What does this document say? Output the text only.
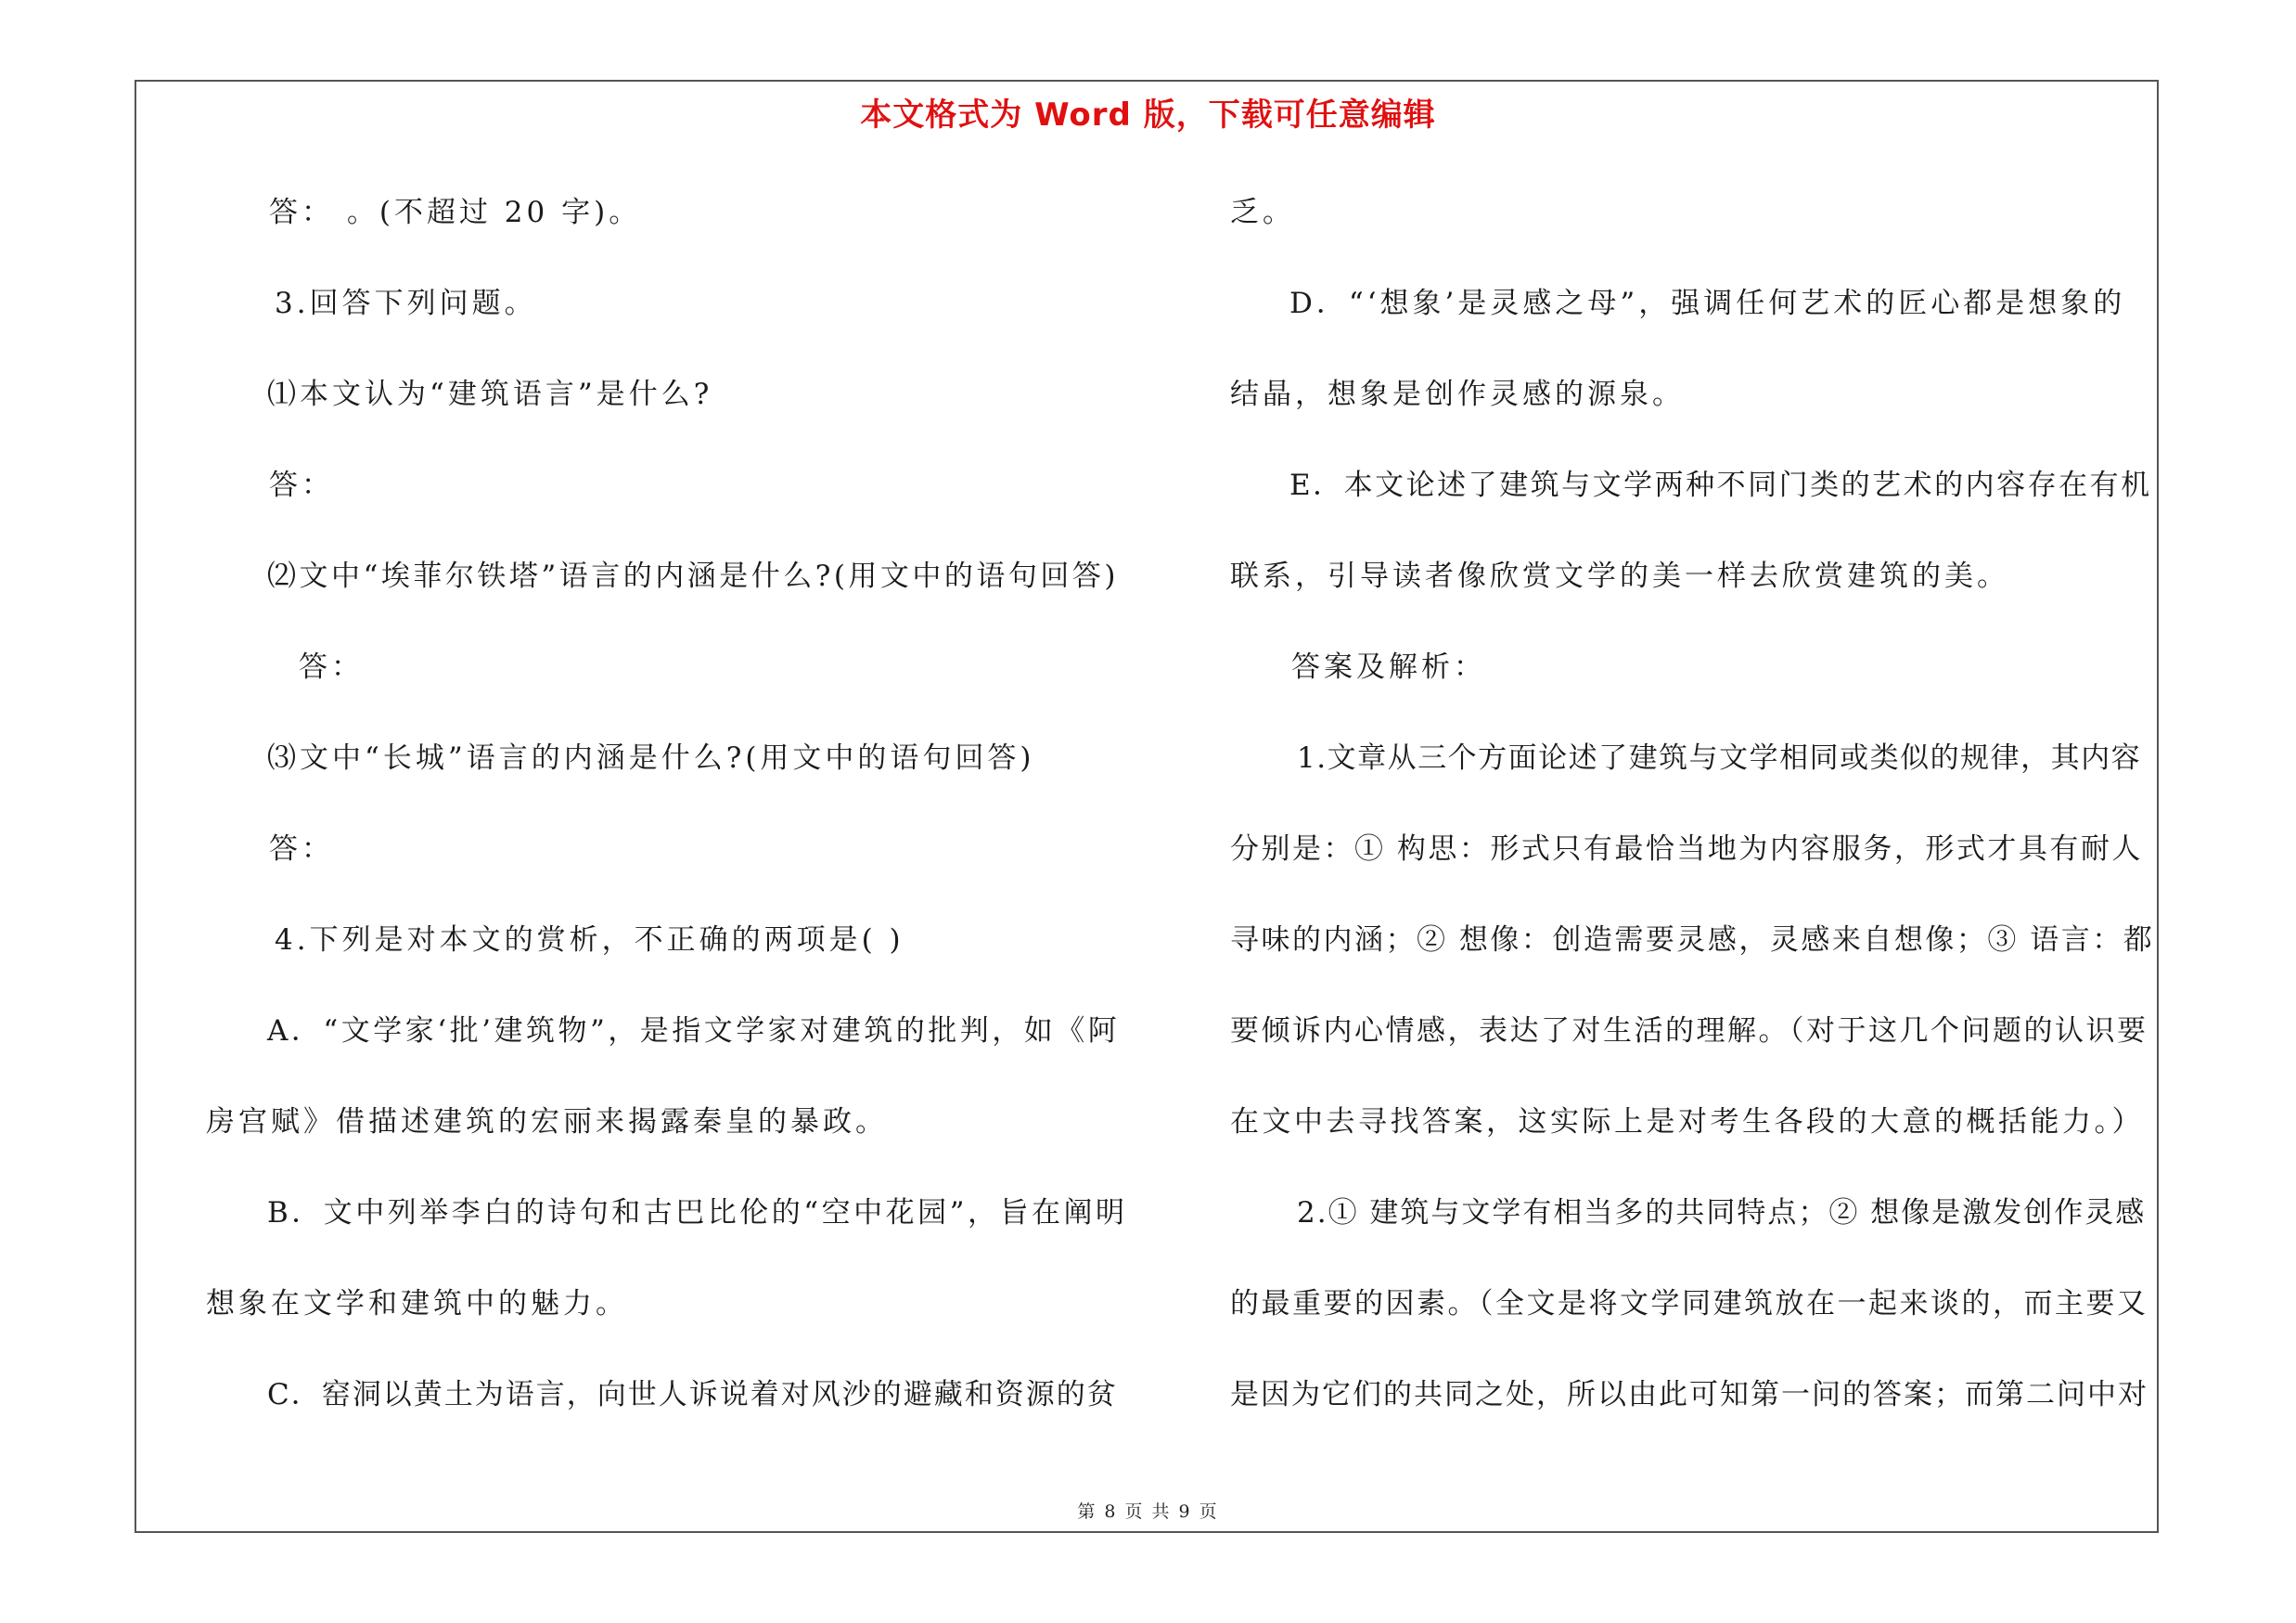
本文格式为 Word 版，下载可任意编辑
答： 。(不超过 20 字)。
3.回答下列问题。
⑴本文认为“建筑语言”是什么?
答：
⑵文中“埃菲尔铁塔”语言的内涵是什么?(用文中的语句回答)
答：
⑶文中“长城”语言的内涵是什么?(用文中的语句回答)
答：
4.下列是对本文的赏析，不正确的两项是( )
A．“文学家‘批’建筑物”，是指文学家对建筑的批判，如《阿
房宫赋》借描述建筑的宏丽来揭露秦皇的暴政。
B．文中列举李白的诗句和古巴比伦的“空中花园”，旨在阐明
想象在文学和建筑中的魅力。
C．窑洞以黄土为语言，向世人诉说着对风沙的避藏和资源的贫
乏。
D．“‘想象’是灵感之母”，强调任何艺术的匠心都是想象的
结晶，想象是创作灵感的源泉。
E．本文论述了建筑与文学两种不同门类的艺术的内容存在有机
联系，引导读者像欣赏文学的美一样去欣赏建筑的美。
答案及解析：
1.文章从三个方面论述了建筑与文学相同或类似的规律，其内容
分别是：① 构思：形式只有最恰当地为内容服务，形式才具有耐人
寻味的内涵；② 想像：创造需要灵感，灵感来自想像；③ 语言：都
要倾诉内心情感，表达了对生活的理解。（对于这几个问题的认识要
在文中去寻找答案，这实际上是对考生各段的大意的概括能力。）
2.① 建筑与文学有相当多的共同特点；② 想像是激发创作灵感
的最重要的因素。（全文是将文学同建筑放在一起来谈的，而主要又
是因为它们的共同之处，所以由此可知第一问的答案；而第二问中对
第 8 页 共 9 页
